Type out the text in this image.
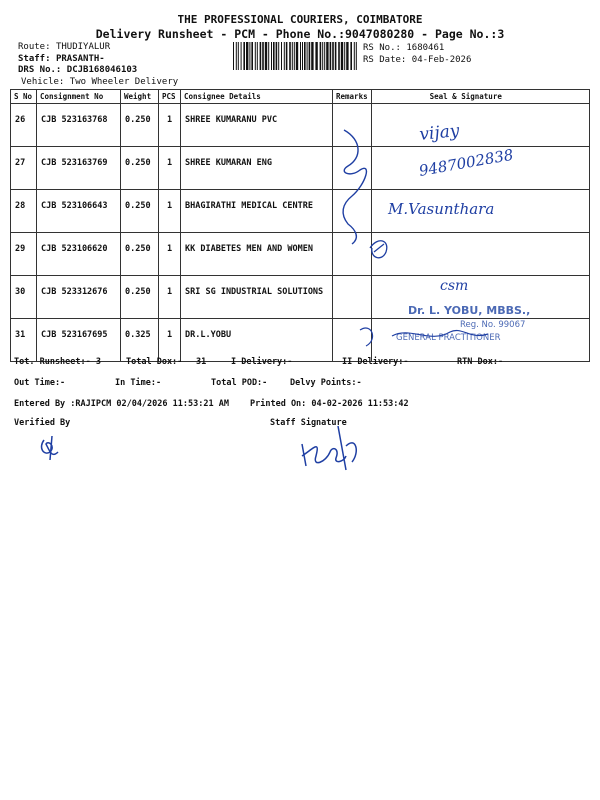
THE PROFESSIONAL COURIERS, COIMBATORE
Delivery Runsheet - PCM - Phone No.:9047080280 - Page No.:3
Route: THUDIYALUR
Staff: PRASANTH-
DRS No.: DCJB168046103
Vehicle: Two Wheeler Delivery
RS No.: 1680461
RS Date: 04-Feb-2026
S No	Consignment No	Weight	PCS	Consignee Details	Remarks	Seal & Signature
26	CJB 523163768	0.250	1	SHREE KUMARANU PVC		
27	CJB 523163769	0.250	1	SHREE KUMARAN ENG		
28	CJB 523106643	0.250	1	BHAGIRATHI MEDICAL CENTRE		
29	CJB 523106620	0.250	1	KK DIABETES MEN AND WOMEN		
30	CJB 523312676	0.250	1	SRI SG INDUSTRIAL SOLUTIONS		
31	CJB 523167695	0.325	1	DR.L.YOBU		
Tot. Runsheet:- 3	Total Dox:- 31	I Delivery:-	II Delivery:-	RTN Dox:-
Out Time:-	In Time:-	Total POD:-	Delvy Points:-
Entered By :RAJIPCM 02/04/2026 11:53:21 AM Printed On: 04-02-2026 11:53:42
Verified By	Staff Signature
vijay
9487002838
M.Vasunthara
csm
Dr. L. YOBU, MBBS.,
Reg. No. 99067
GENERAL PRACTITIONER
